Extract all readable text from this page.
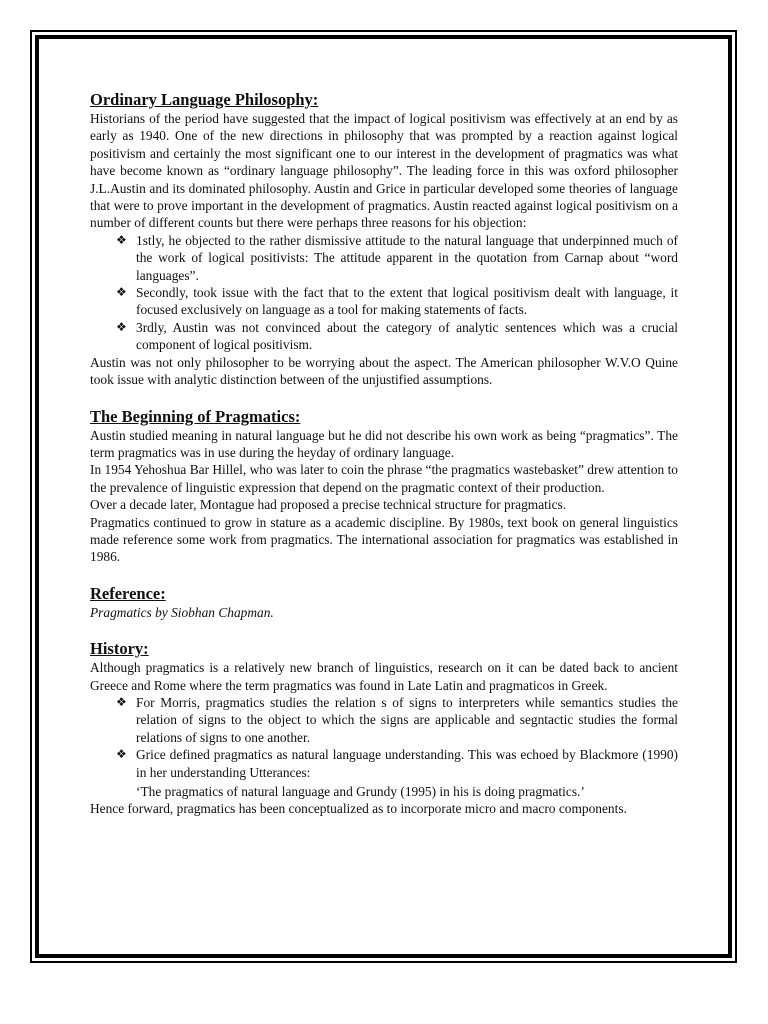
Ordinary Language Philosophy:

Historians of the period have suggested that the impact of logical positivism was effectively at an end by as early as 1940. One of the new directions in philosophy that was prompted by a reaction against logical positivism and certainly the most significant one to our interest in the development of pragmatics was what have become known as “ordinary language philosophy”. The leading force in this was oxford philosopher J.L.Austin and its dominated philosophy. Austin and Grice in particular developed some theories of language that were to prove important in the development of pragmatics. Austin reacted against logical positivism on a number of different counts but there were perhaps three reasons for his objection:

❖ 1stly, he objected to the rather dismissive attitude to the natural language that underpinned much of the work of logical positivists: The attitude apparent in the quotation from Carnap about “word languages”.
❖ Secondly, took issue with the fact that to the extent that logical positivism dealt with language, it focused exclusively on language as a tool for making statements of facts.
❖ 3rdly, Austin was not convinced about the category of analytic sentences which was a crucial component of logical positivism.

Austin was not only philosopher to be worrying about the aspect. The American philosopher W.V.O Quine took issue with analytic distinction between of the unjustified assumptions.

The Beginning of Pragmatics:

Austin studied meaning in natural language but he did not describe his own work as being “pragmatics”. The term pragmatics was in use during the heyday of ordinary language.

In 1954 Yehoshua Bar Hillel, who was later to coin the phrase “the pragmatics wastebasket” drew attention to the prevalence of linguistic expression that depend on the pragmatic context of their production.

Over a decade later, Montague had proposed a precise technical structure for pragmatics.

Pragmatics continued to grow in stature as a academic discipline. By 1980s, text book on general linguistics made reference some work from pragmatics. The international association for pragmatics was established in 1986.

Reference:

Pragmatics by Siobhan Chapman.

History:

Although pragmatics is a relatively new branch of linguistics, research on it can be dated back to ancient Greece and Rome where the term pragmatics was found in Late Latin and pragmaticos in Greek.

❖ For Morris, pragmatics studies the relation s of signs to interpreters while semantics studies the relation of signs to the object to which the signs are applicable and segntactic studies the formal relations of signs to one another.
❖ Grice defined pragmatics as natural language understanding. This was echoed by Blackmore (1990) in her understanding Utterances:

‘The pragmatics of natural language and Grundy (1995) in his is doing pragmatics.’

Hence forward, pragmatics has been conceptualized as to incorporate micro and macro components.
